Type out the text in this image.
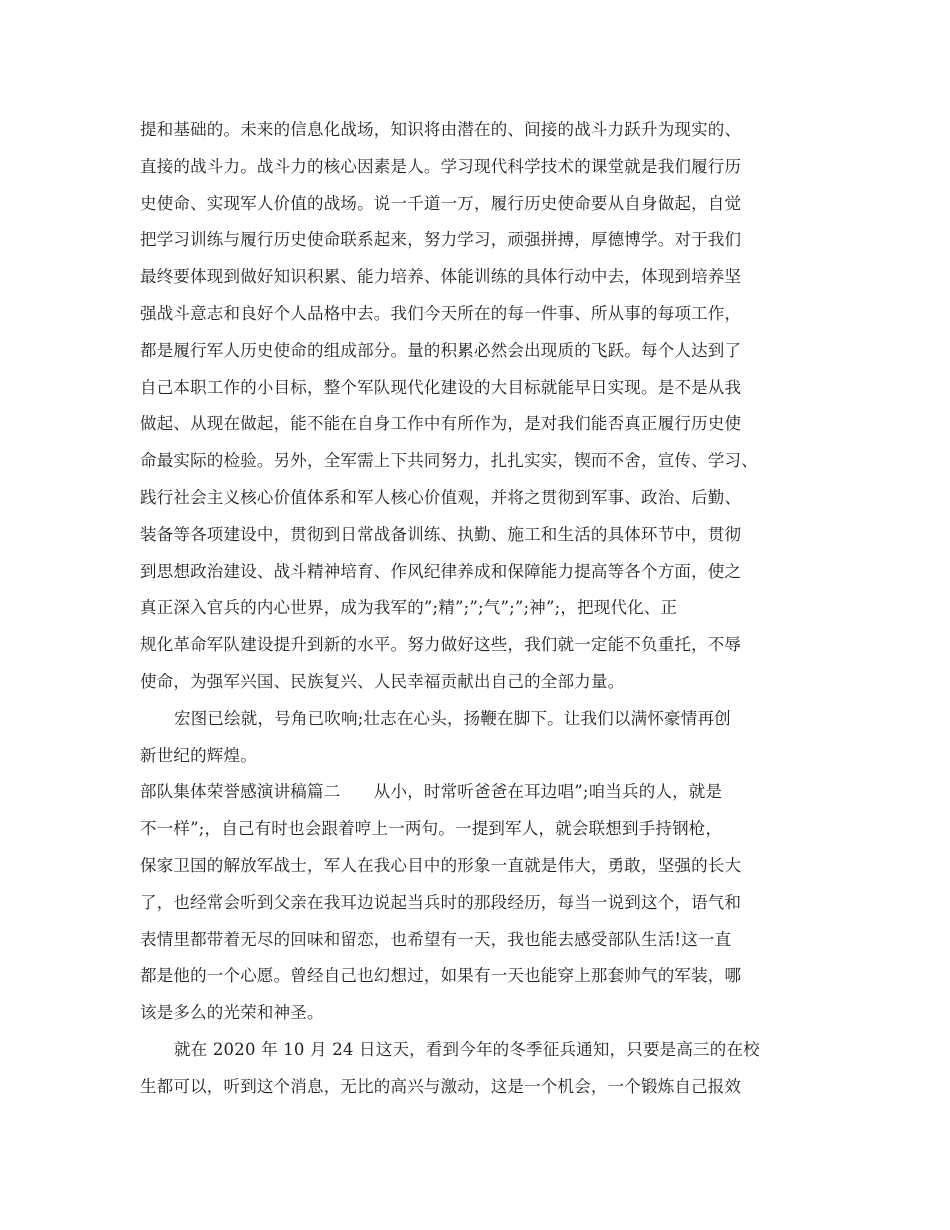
提和基础的。未来的信息化战场，知识将由潜在的、间接的战斗力跃升为现实的、
直接的战斗力。战斗力的核心因素是人。学习现代科学技术的课堂就是我们履行历
史使命、实现军人价值的战场。说一千道一万，履行历史使命要从自身做起，自觉
把学习训练与履行历史使命联系起来，努力学习，顽强拼搏，厚德博学。对于我们
最终要体现到做好知识积累、能力培养、体能训练的具体行动中去，体现到培养坚
强战斗意志和良好个人品格中去。我们今天所在的每一件事、所从事的每项工作，
都是履行军人历史使命的组成部分。量的积累必然会出现质的飞跃。每个人达到了
自己本职工作的小目标，整个军队现代化建设的大目标就能早日实现。是不是从我
做起、从现在做起，能不能在自身工作中有所作为，是对我们能否真正履行历史使
命最实际的检验。另外，全军需上下共同努力，扎扎实实，锲而不舍，宣传、学习、
践行社会主义核心价值体系和军人核心价值观，并将之贯彻到军事、政治、后勤、
装备等各项建设中，贯彻到日常战备训练、执勤、施工和生活的具体环节中，贯彻
到思想政治建设、战斗精神培育、作风纪律养成和保障能力提高等各个方面，使之
真正深入官兵的内心世界，成为我军的”;精”;”;气”;”;神”;，把现代化、正
规化革命军队建设提升到新的水平。努力做好这些，我们就一定能不负重托，不辱
使命，为强军兴国、民族复兴、人民幸福贡献出自己的全部力量。
宏图已绘就，号角已吹响;壮志在心头，扬鞭在脚下。让我们以满怀豪情再创
新世纪的辉煌。
部队集体荣誉感演讲稿篇二　　从小，时常听爸爸在耳边唱”;咱当兵的人，就是
不一样”;，自己有时也会跟着哼上一两句。一提到军人，就会联想到手持钢枪，
保家卫国的解放军战士，军人在我心目中的形象一直就是伟大，勇敢，坚强的长大
了，也经常会听到父亲在我耳边说起当兵时的那段经历，每当一说到这个，语气和
表情里都带着无尽的回味和留恋，也希望有一天，我也能去感受部队生活!这一直
都是他的一个心愿。曾经自己也幻想过，如果有一天也能穿上那套帅气的军装，哪
该是多么的光荣和神圣。
就在 2020 年 10 月 24 日这天，看到今年的冬季征兵通知，只要是高三的在校
生都可以，听到这个消息，无比的高兴与激动，这是一个机会，一个锻炼自己报效
